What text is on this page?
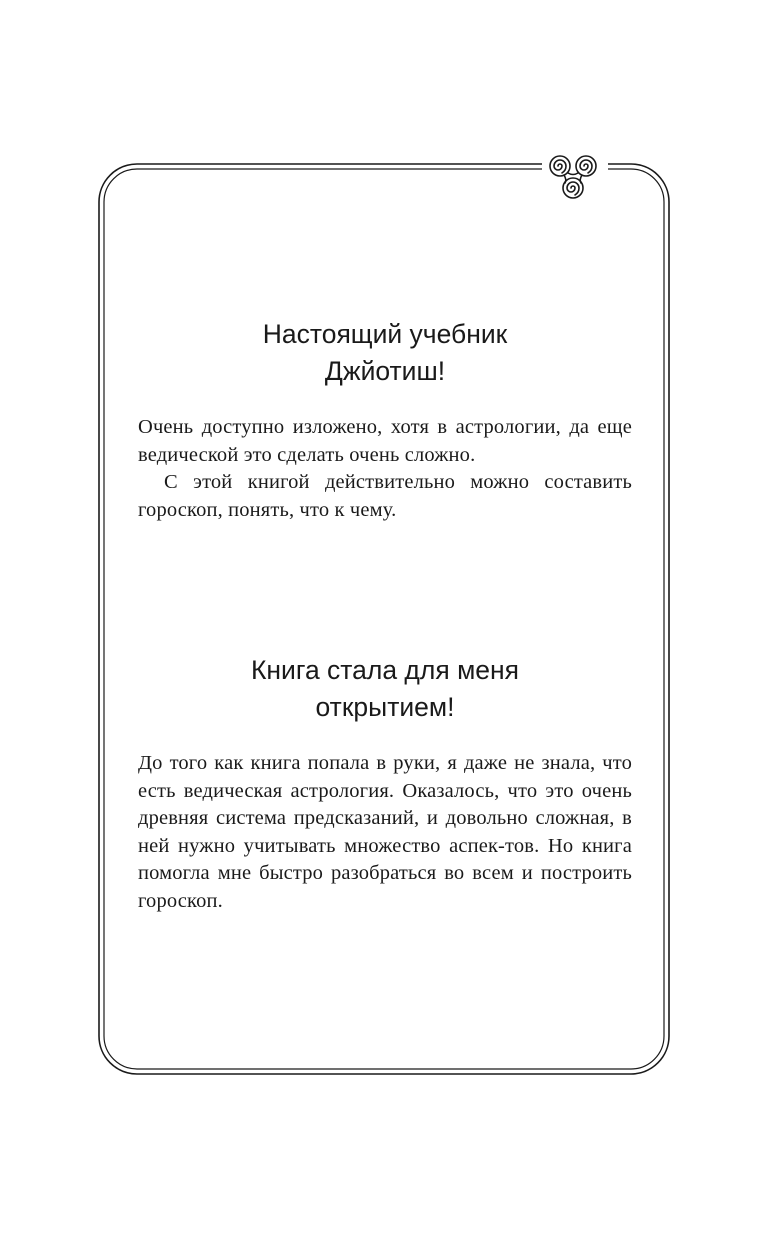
Настоящий учебник
Джйотиш!

Очень доступно изложено, хотя в астрологии, да еще ведической это сделать очень сложно.

С этой книгой действительно можно составить гороскоп, понять, что к чему.

Книга стала для меня
открытием!

До того как книга попала в руки, я даже не знала, что есть ведическая астрология. Оказалось, что это очень древняя система предсказаний, и довольно сложная, в ней нужно учитывать множество аспек-тов. Но книга помогла мне быстро разобраться во всем и построить гороскоп.
